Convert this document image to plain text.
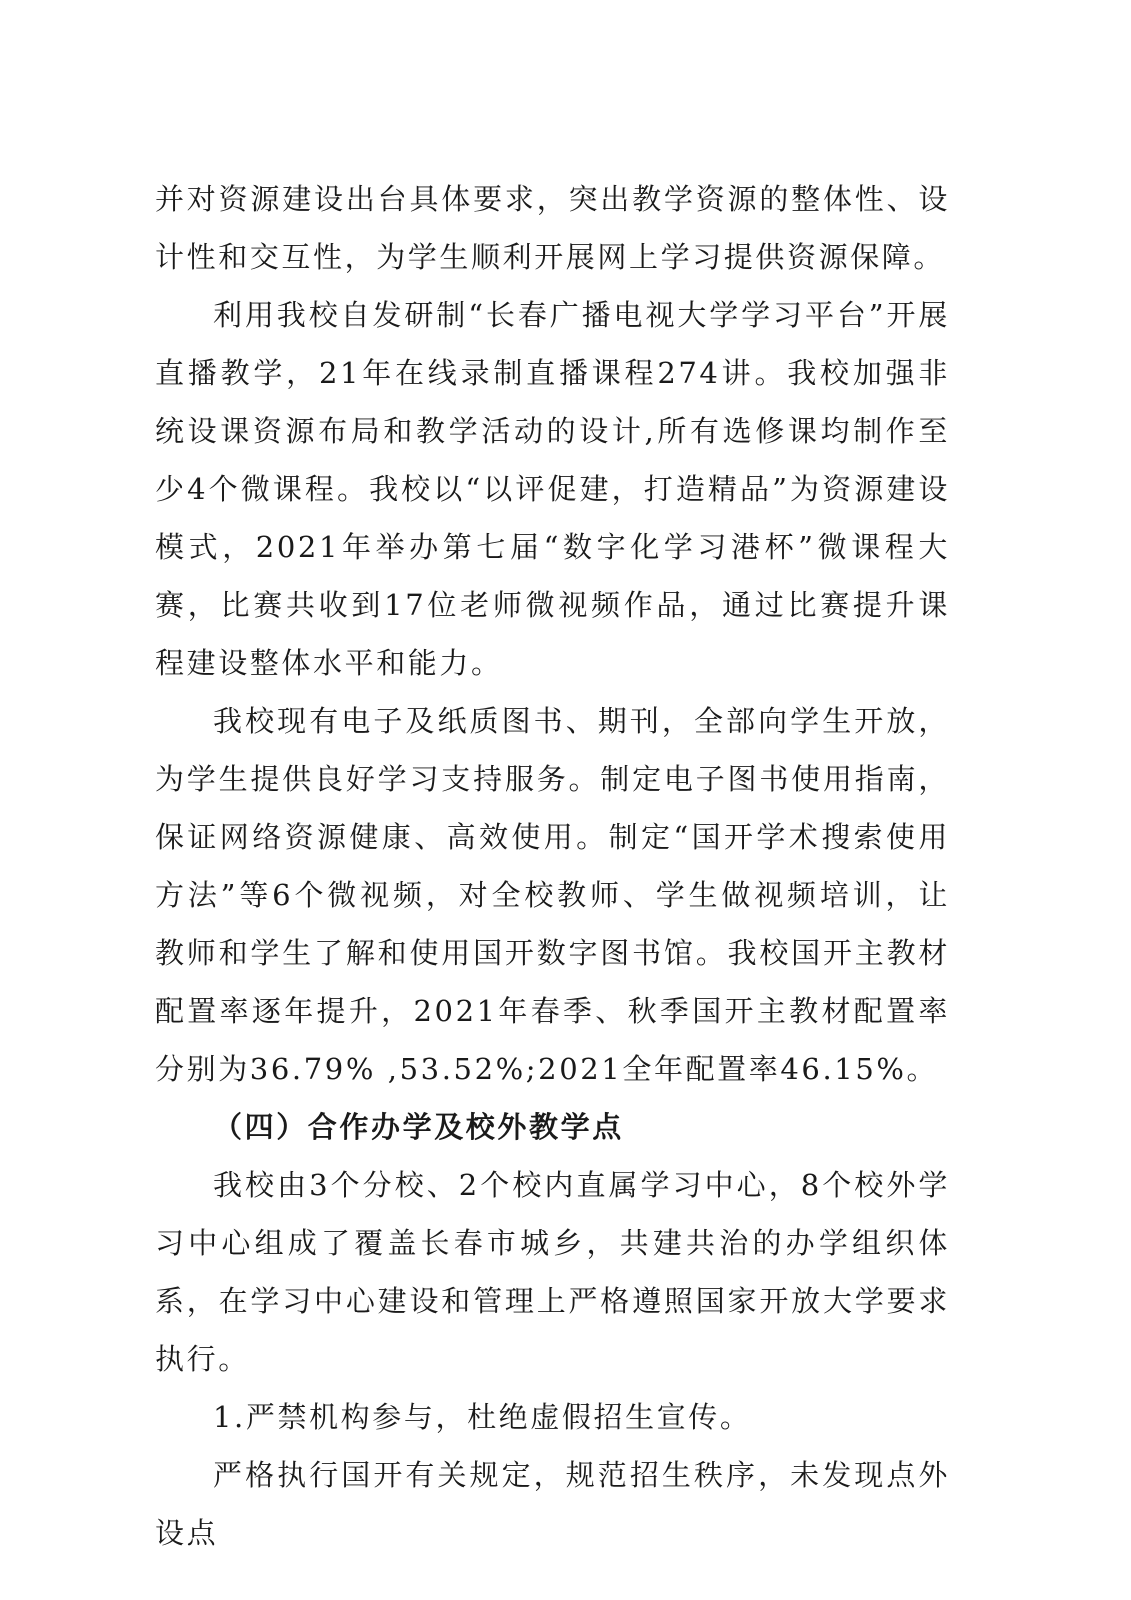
并对资源建设出台具体要求，突出教学资源的整体性、设计性和交互性，为学生顺利开展网上学习提供资源保障。

利用我校自发研制“长春广播电视大学学习平台”开展直播教学，21年在线录制直播课程274讲。我校加强非统设课资源布局和教学活动的设计,所有选修课均制作至少4个微课程。我校以“以评促建，打造精品”为资源建设模式，2021年举办第七届“数字化学习港杯”微课程大赛，比赛共收到17位老师微视频作品，通过比赛提升课程建设整体水平和能力。

我校现有电子及纸质图书、期刊，全部向学生开放，为学生提供良好学习支持服务。制定电子图书使用指南，保证网络资源健康、高效使用。制定“国开学术搜索使用方法”等6个微视频，对全校教师、学生做视频培训，让教师和学生了解和使用国开数字图书馆。我校国开主教材配置率逐年提升，2021年春季、秋季国开主教材配置率分别为36.79% ,53.52%;2021全年配置率46.15%。

（四）合作办学及校外教学点

我校由3个分校、2个校内直属学习中心，8个校外学习中心组成了覆盖长春市城乡，共建共治的办学组织体系，在学习中心建设和管理上严格遵照国家开放大学要求执行。

1.严禁机构参与，杜绝虚假招生宣传。

严格执行国开有关规定，规范招生秩序，未发现点外设点
